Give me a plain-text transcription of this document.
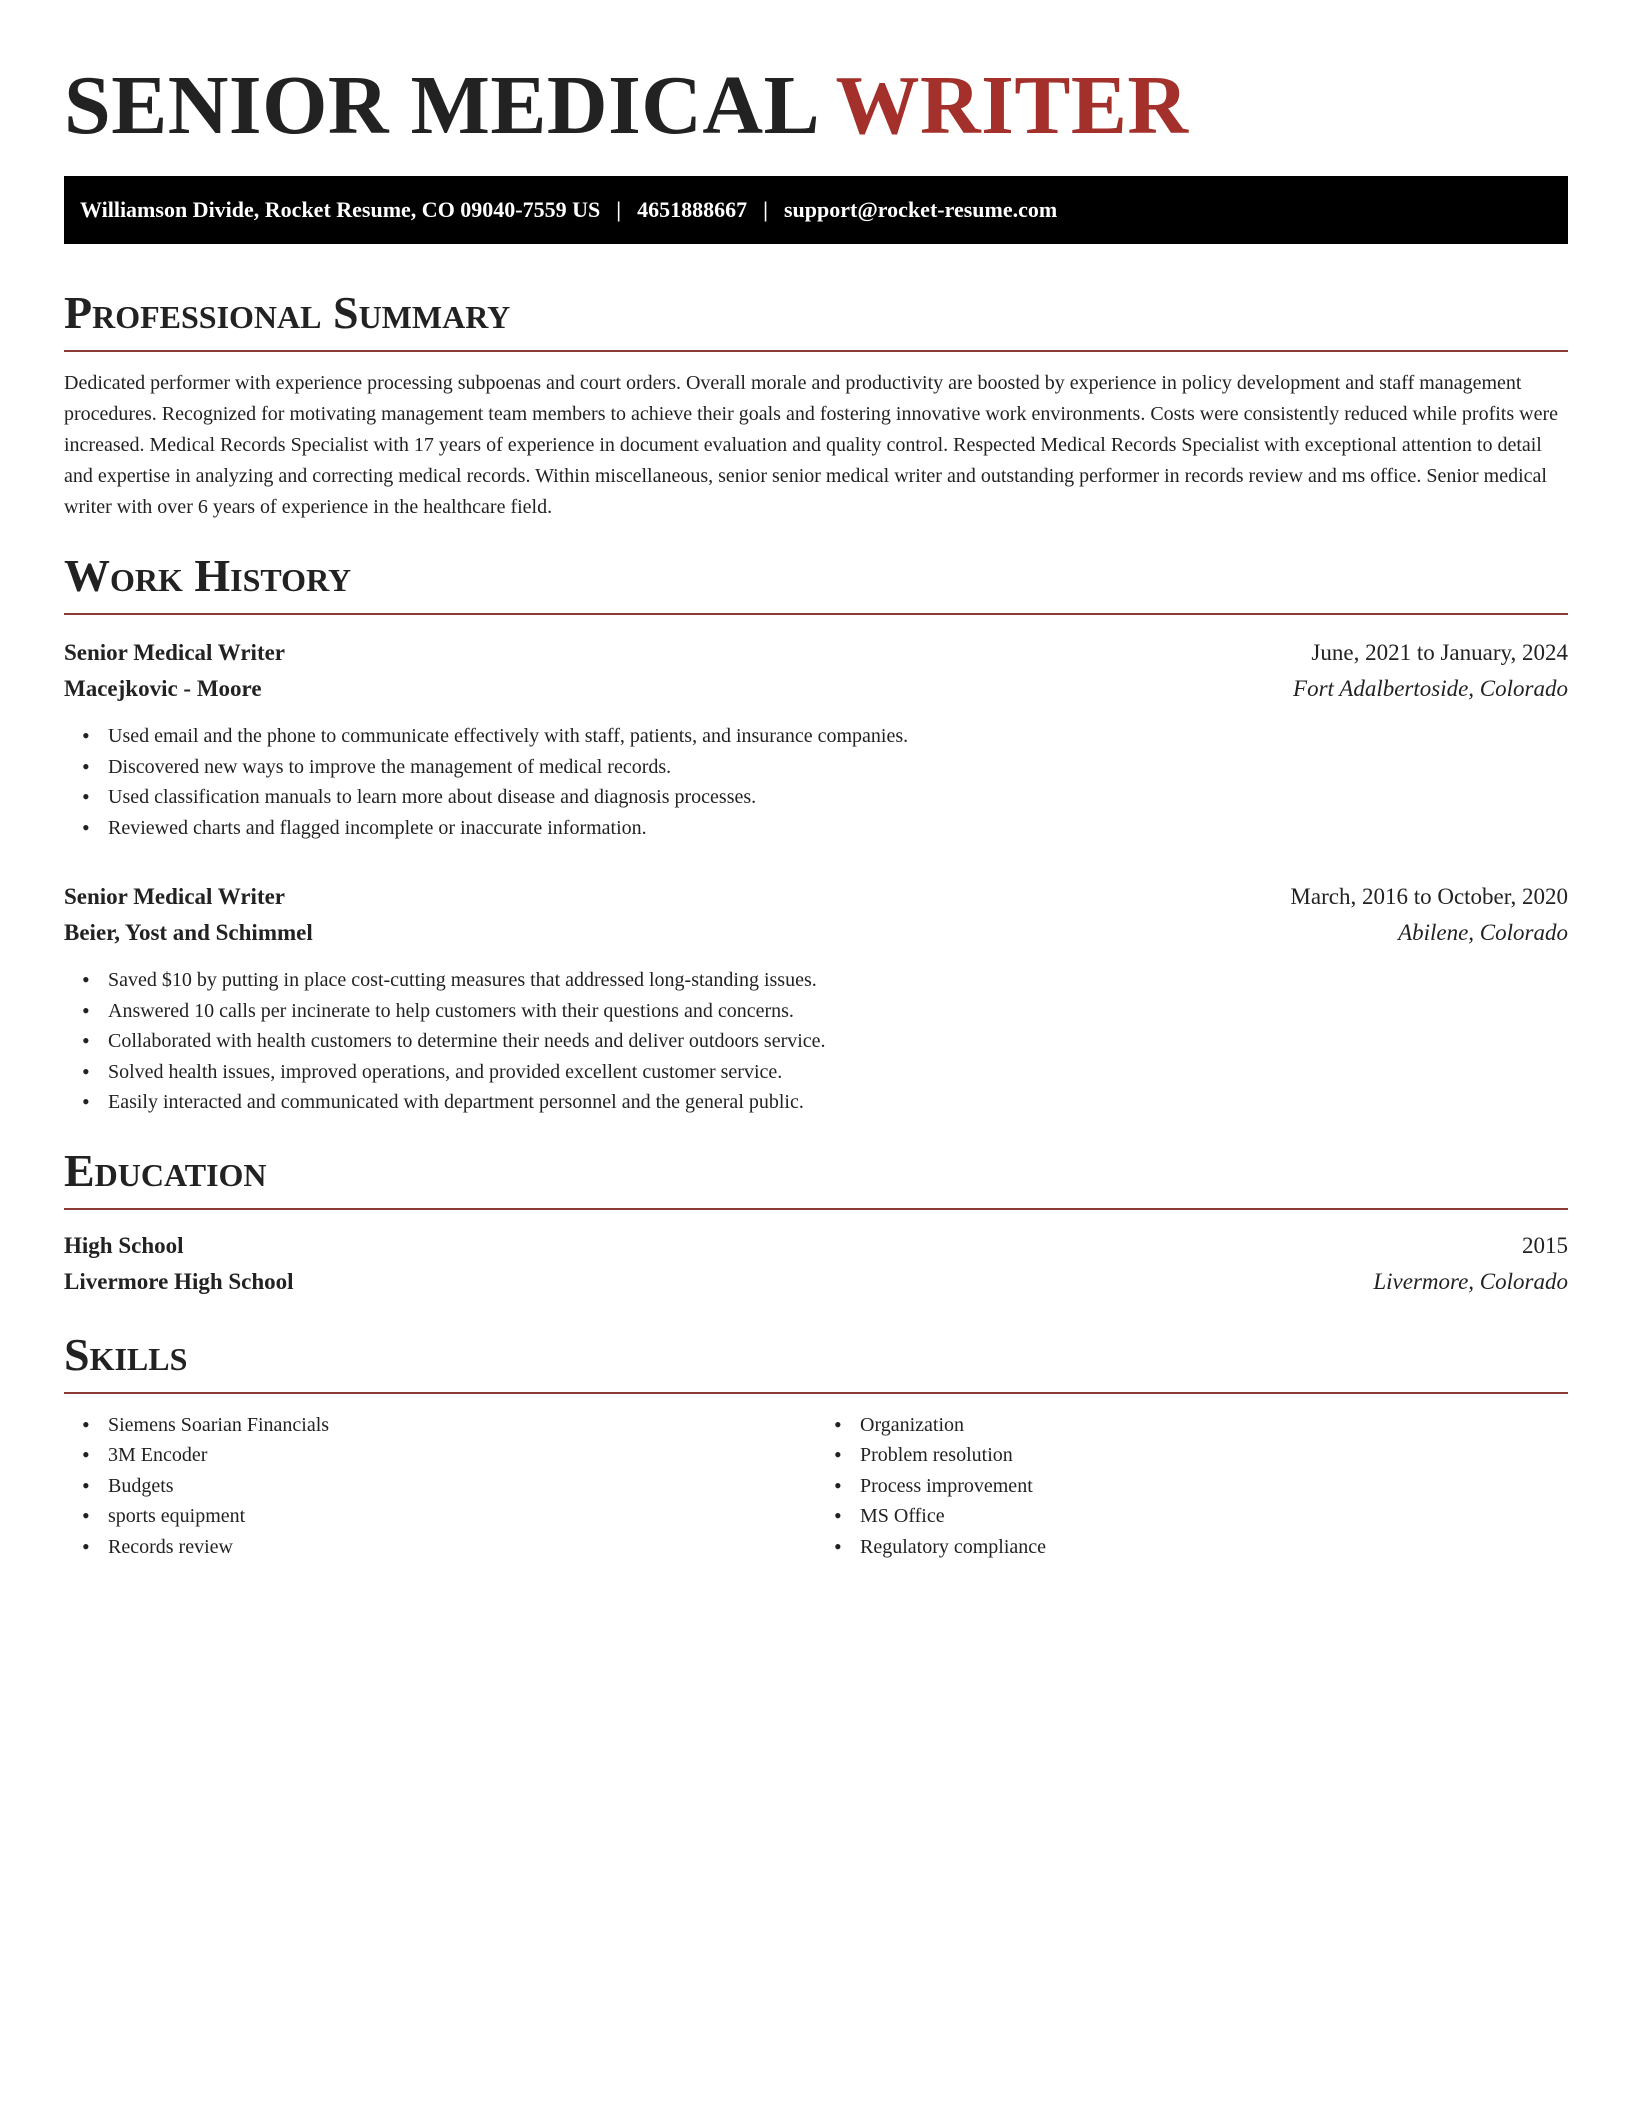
SENIOR MEDICAL WRITER
Williamson Divide, Rocket Resume, CO 09040-7559 US | 4651888667 | support@rocket-resume.com
Professional Summary

Dedicated performer with experience processing subpoenas and court orders. Overall morale and productivity are boosted by experience in policy development and staff management procedures. Recognized for motivating management team members to achieve their goals and fostering innovative work environments. Costs were consistently reduced while profits were increased. Medical Records Specialist with 17 years of experience in document evaluation and quality control. Respected Medical Records Specialist with exceptional attention to detail and expertise in analyzing and correcting medical records. Within miscellaneous, senior senior medical writer and outstanding performer in records review and ms office. Senior medical writer with over 6 years of experience in the healthcare field.

Work History
Senior Medical Writer	June, 2021 to January, 2024
Macejkovic - Moore	Fort Adalbertoside, Colorado
• Used email and the phone to communicate effectively with staff, patients, and insurance companies.
• Discovered new ways to improve the management of medical records.
• Used classification manuals to learn more about disease and diagnosis processes.
• Reviewed charts and flagged incomplete or inaccurate information.
Senior Medical Writer	March, 2016 to October, 2020
Beier, Yost and Schimmel	Abilene, Colorado
• Saved $10 by putting in place cost-cutting measures that addressed long-standing issues.
• Answered 10 calls per incinerate to help customers with their questions and concerns.
• Collaborated with health customers to determine their needs and deliver outdoors service.
• Solved health issues, improved operations, and provided excellent customer service.
• Easily interacted and communicated with department personnel and the general public.
Education
High School	2015
Livermore High School	Livermore, Colorado
Skills
• Siemens Soarian Financials
• 3M Encoder
• Budgets
• sports equipment
• Records review
• Organization
• Problem resolution
• Process improvement
• MS Office
• Regulatory compliance
